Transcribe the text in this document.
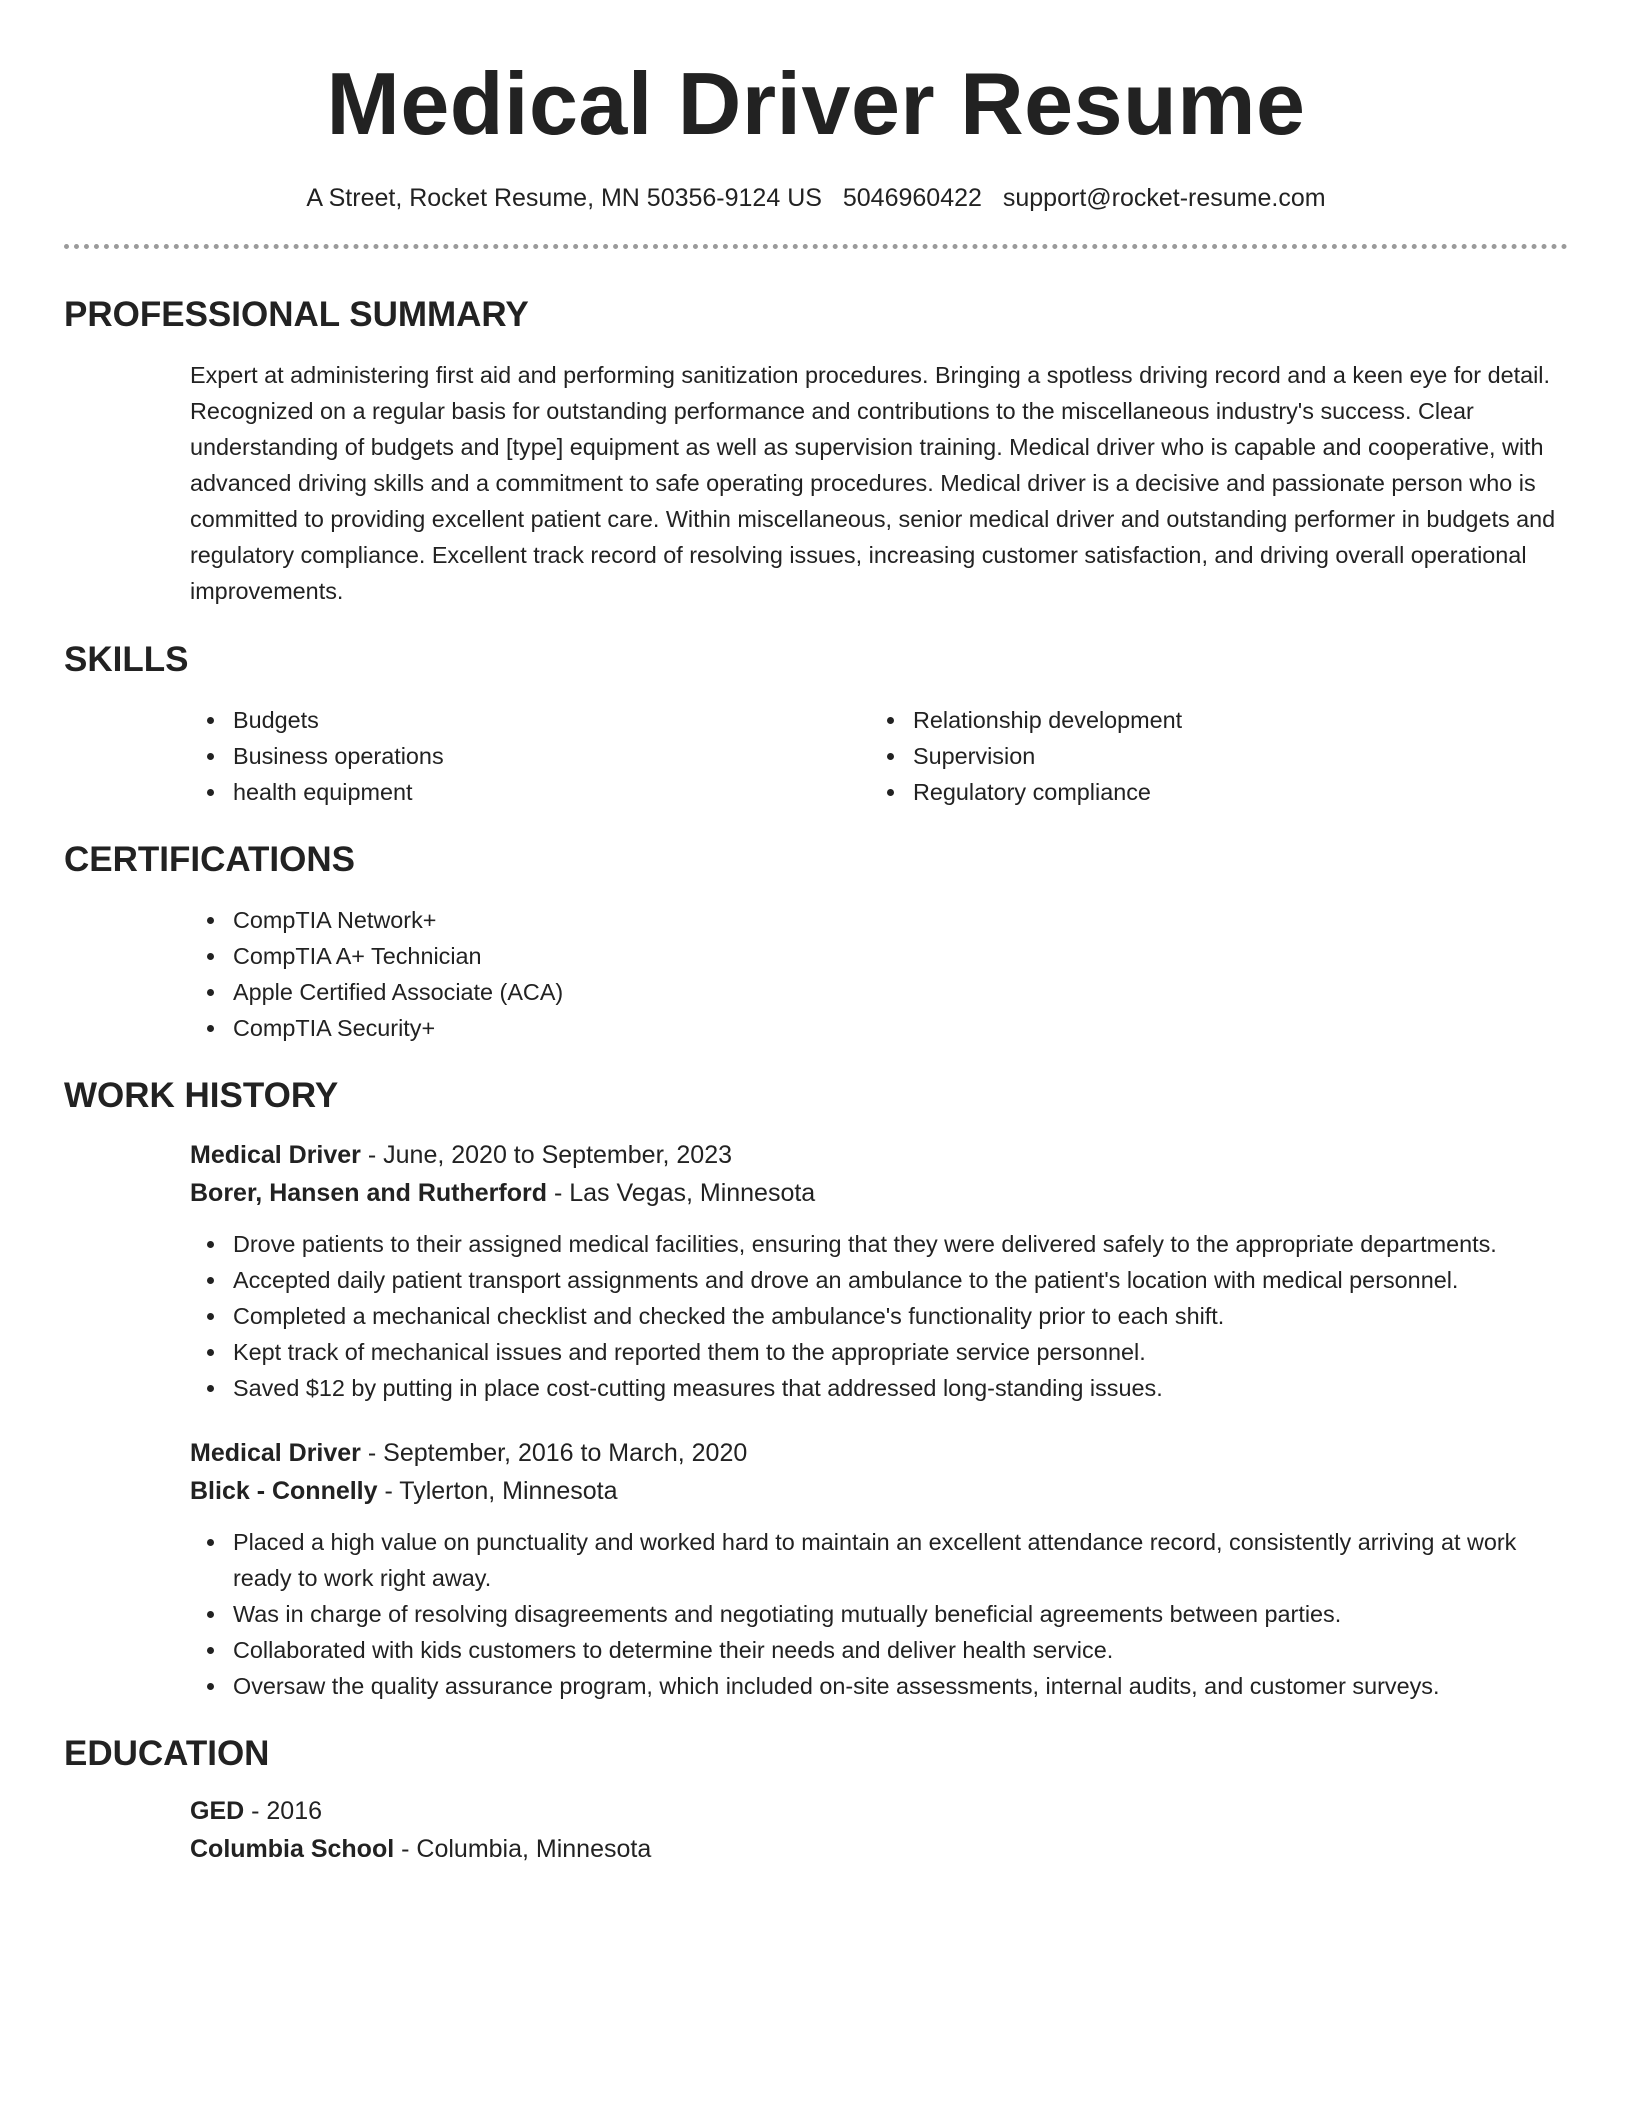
Medical Driver Resume
A Street, Rocket Resume, MN 50356-9124 US 5046960422 support@rocket-resume.com
PROFESSIONAL SUMMARY

Expert at administering first aid and performing sanitization procedures. Bringing a spotless driving record and a keen eye for detail. Recognized on a regular basis for outstanding performance and contributions to the miscellaneous industry's success. Clear understanding of budgets and [type] equipment as well as supervision training. Medical driver who is capable and cooperative, with advanced driving skills and a commitment to safe operating procedures. Medical driver is a decisive and passionate person who is committed to providing excellent patient care. Within miscellaneous, senior medical driver and outstanding performer in budgets and regulatory compliance. Excellent track record of resolving issues, increasing customer satisfaction, and driving overall operational improvements.

SKILLS
Budgets
Business operations
health equipment
Relationship development
Supervision
Regulatory compliance
CERTIFICATIONS
CompTIA Network+
CompTIA A+ Technician
Apple Certified Associate (ACA)
CompTIA Security+
WORK HISTORY
Medical Driver - June, 2020 to September, 2023
Borer, Hansen and Rutherford - Las Vegas, Minnesota
Drove patients to their assigned medical facilities, ensuring that they were delivered safely to the appropriate departments.
Accepted daily patient transport assignments and drove an ambulance to the patient's location with medical personnel.
Completed a mechanical checklist and checked the ambulance's functionality prior to each shift.
Kept track of mechanical issues and reported them to the appropriate service personnel.
Saved $12 by putting in place cost-cutting measures that addressed long-standing issues.
Medical Driver - September, 2016 to March, 2020
Blick - Connelly - Tylerton, Minnesota
Placed a high value on punctuality and worked hard to maintain an excellent attendance record, consistently arriving at work ready to work right away.
Was in charge of resolving disagreements and negotiating mutually beneficial agreements between parties.
Collaborated with kids customers to determine their needs and deliver health service.
Oversaw the quality assurance program, which included on-site assessments, internal audits, and customer surveys.
EDUCATION
GED - 2016
Columbia School - Columbia, Minnesota
